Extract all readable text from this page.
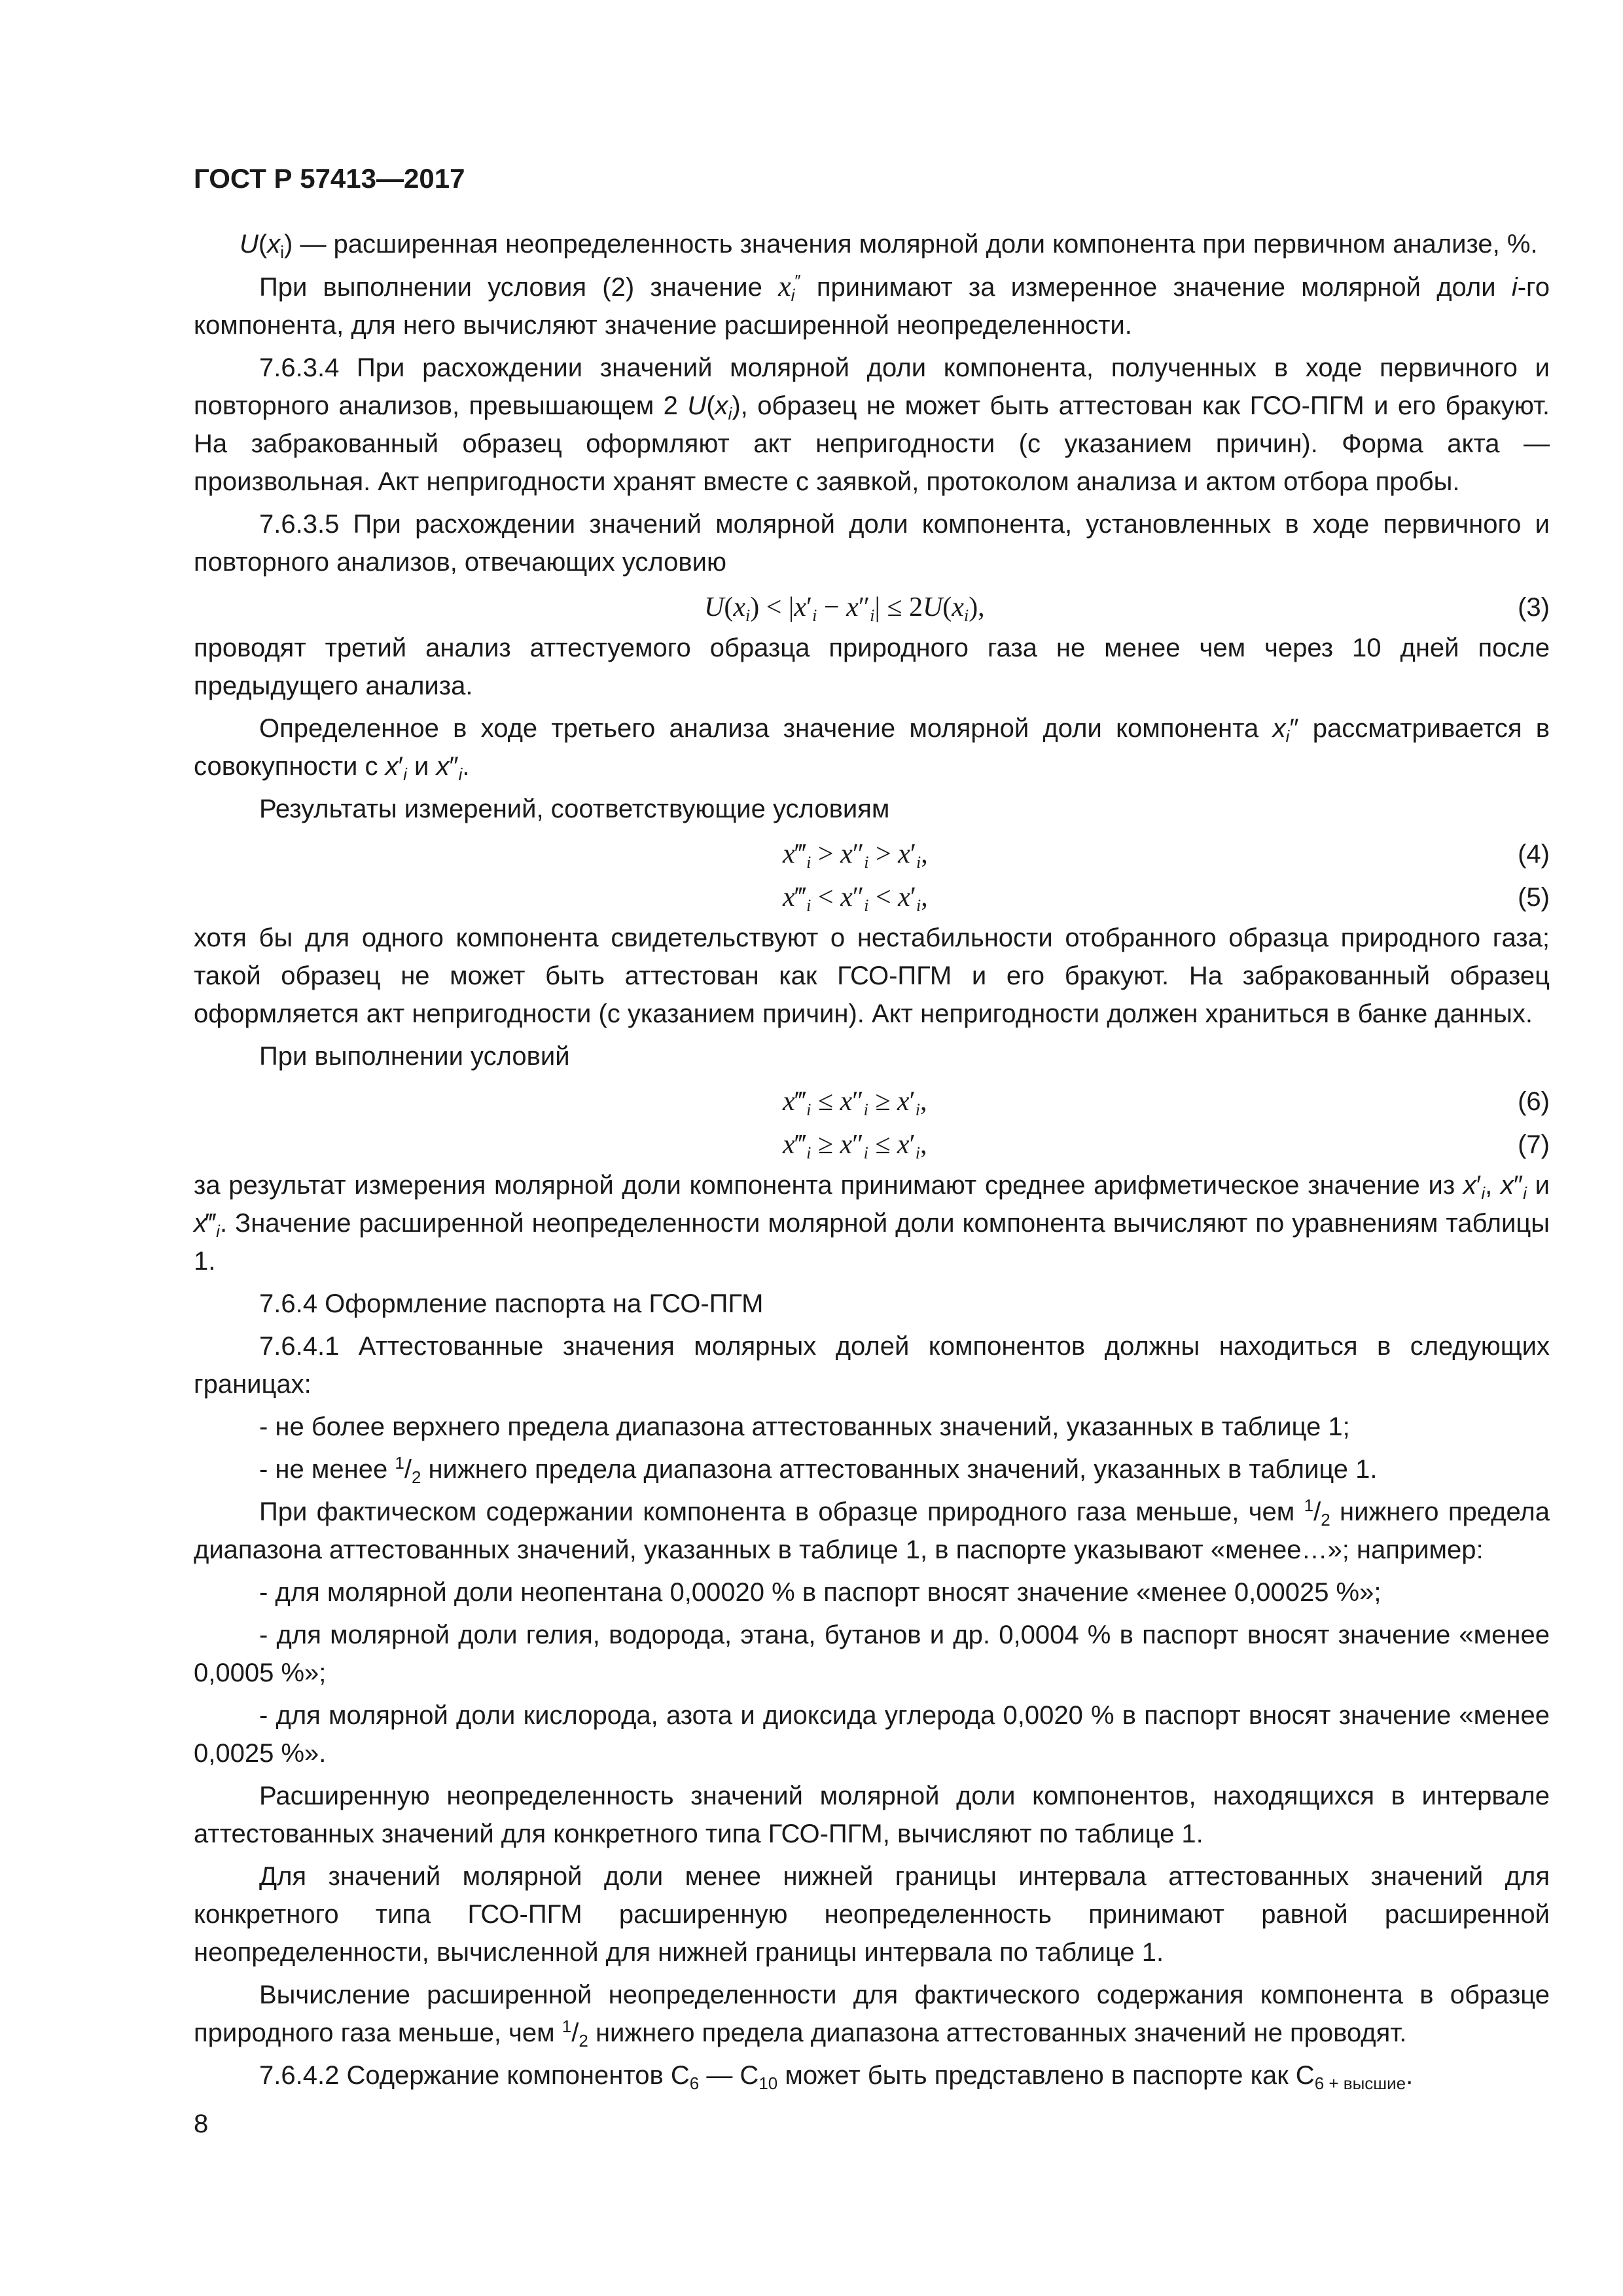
ГОСТ Р 57413—2017

$U(x_i)$ — расширенная неопределенность значения молярной доли компонента при первичном анализе, %.

При выполнении условия (2) значение $x_i''$ принимают за измеренное значение молярной доли i-го компонента, для него вычисляют значение расширенной неопределенности.

7.6.3.4 При расхождении значений молярной доли компонента, полученных в ходе первичного и повторного анализов, превышающем 2 $U(x_i)$, образец не может быть аттестован как ГСО-ПГМ и его бракуют. На забракованный образец оформляют акт непригодности (с указанием причин). Форма акта — произвольная. Акт непригодности хранят вместе с заявкой, протоколом анализа и актом отбора пробы.

7.6.3.5 При расхождении значений молярной доли компонента, установленных в ходе первичного и повторного анализов, отвечающих условию

$U(x_i) < |x'_i - x''_i| \le 2U(x_i)$,	(3)

проводят третий анализ аттестуемого образца природного газа не менее чем через 10 дней после предыдущего анализа.

Определенное в ходе третьего анализа значение молярной доли компонента $x_i''$ рассматривается в совокупности с $x'_i$ и $x''_i$.

Результаты измерений, соответствующие условиям

$x‴_i > x''_i > x'_i$,	(4)
$x‴_i < x''_i < x'_i$,	(5)

хотя бы для одного компонента свидетельствуют о нестабильности отобранного образца природного газа; такой образец не может быть аттестован как ГСО-ПГМ и его бракуют. На забракованный образец оформляется акт непригодности (с указанием причин). Акт непригодности должен храниться в банке данных.

При выполнении условий

$x‴_i \le x''_i \ge x'_i$,	(6)
$x‴_i \ge x''_i \le x'_i$,	(7)

за результат измерения молярной доли компонента принимают среднее арифметическое значение из $x'_i$, $x''_i$ и $x‴_i$. Значение расширенной неопределенности молярной доли компонента вычисляют по уравнениям таблицы 1.

7.6.4 Оформление паспорта на ГСО-ПГМ

7.6.4.1 Аттестованные значения молярных долей компонентов должны находиться в следующих границах:

- не более верхнего предела диапазона аттестованных значений, указанных в таблице 1;

- не менее $^1/_2$ нижнего предела диапазона аттестованных значений, указанных в таблице 1.

При фактическом содержании компонента в образце природного газа меньше, чем $^1/_2$ нижнего предела диапазона аттестованных значений, указанных в таблице 1, в паспорте указывают «менее…»; например:

- для молярной доли неопентана 0,00020 % в паспорт вносят значение «менее 0,00025 %»;

- для молярной доли гелия, водорода, этана, бутанов и др. 0,0004 % в паспорт вносят значение «менее 0,0005 %»;

- для молярной доли кислорода, азота и диоксида углерода 0,0020 % в паспорт вносят значение «менее 0,0025 %».

Расширенную неопределенность значений молярной доли компонентов, находящихся в интервале аттестованных значений для конкретного типа ГСО-ПГМ, вычисляют по таблице 1.

Для значений молярной доли менее нижней границы интервала аттестованных значений для конкретного типа ГСО-ПГМ расширенную неопределенность принимают равной расширенной неопределенности, вычисленной для нижней границы интервала по таблице 1.

Вычисление расширенной неопределенности для фактического содержания компонента в образце природного газа меньше, чем $^1/_2$ нижнего предела диапазона аттестованных значений не проводят.

7.6.4.2 Содержание компонентов $C_6$ — $C_{10}$ может быть представлено в паспорте как $C_{6 + высшие}$.

8
